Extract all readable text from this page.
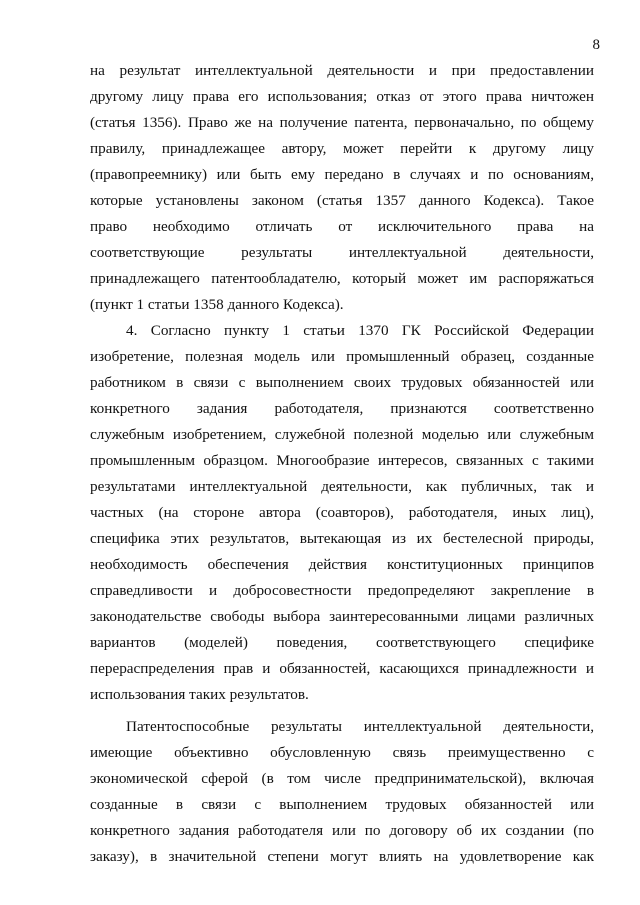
8
на результат интеллектуальной деятельности и при предоставлении
другому лицу права его использования; отказ от этого права ничтожен
(статья 1356). Право же на получение патента, первоначально, по общему
правилу, принадлежащее автору, может перейти к другому лицу
(правопреемнику) или быть ему передано в случаях и по основаниям,
которые установлены законом (статья 1357 данного Кодекса). Такое
право необходимо отличать от исключительного права на
соответствующие результаты интеллектуальной деятельности,
принадлежащего патентообладателю, который может им распоряжаться
(пункт 1 статьи 1358 данного Кодекса).
4. Согласно пункту 1 статьи 1370 ГК Российской Федерации
изобретение, полезная модель или промышленный образец, созданные
работником в связи с выполнением своих трудовых обязанностей или
конкретного задания работодателя, признаются соответственно
служебным изобретением, служебной полезной моделью или служебным
промышленным образцом. Многообразие интересов, связанных с такими
результатами интеллектуальной деятельности, как публичных, так и
частных (на стороне автора (соавторов), работодателя, иных лиц),
специфика этих результатов, вытекающая из их бестелесной природы,
необходимость обеспечения действия конституционных принципов
справедливости и добросовестности предопределяют закрепление в
законодательстве свободы выбора заинтересованными лицами различных
вариантов (моделей) поведения, соответствующего специфике
перераспределения прав и обязанностей, касающихся принадлежности и
использования таких результатов.
Патентоспособные результаты интеллектуальной деятельности,
имеющие объективно обусловленную связь преимущественно с
экономической сферой (в том числе предпринимательской), включая
созданные в связи с выполнением трудовых обязанностей или
конкретного задания работодателя или по договору об их создании (по
заказу), в значительной степени могут влиять на удовлетворение как
